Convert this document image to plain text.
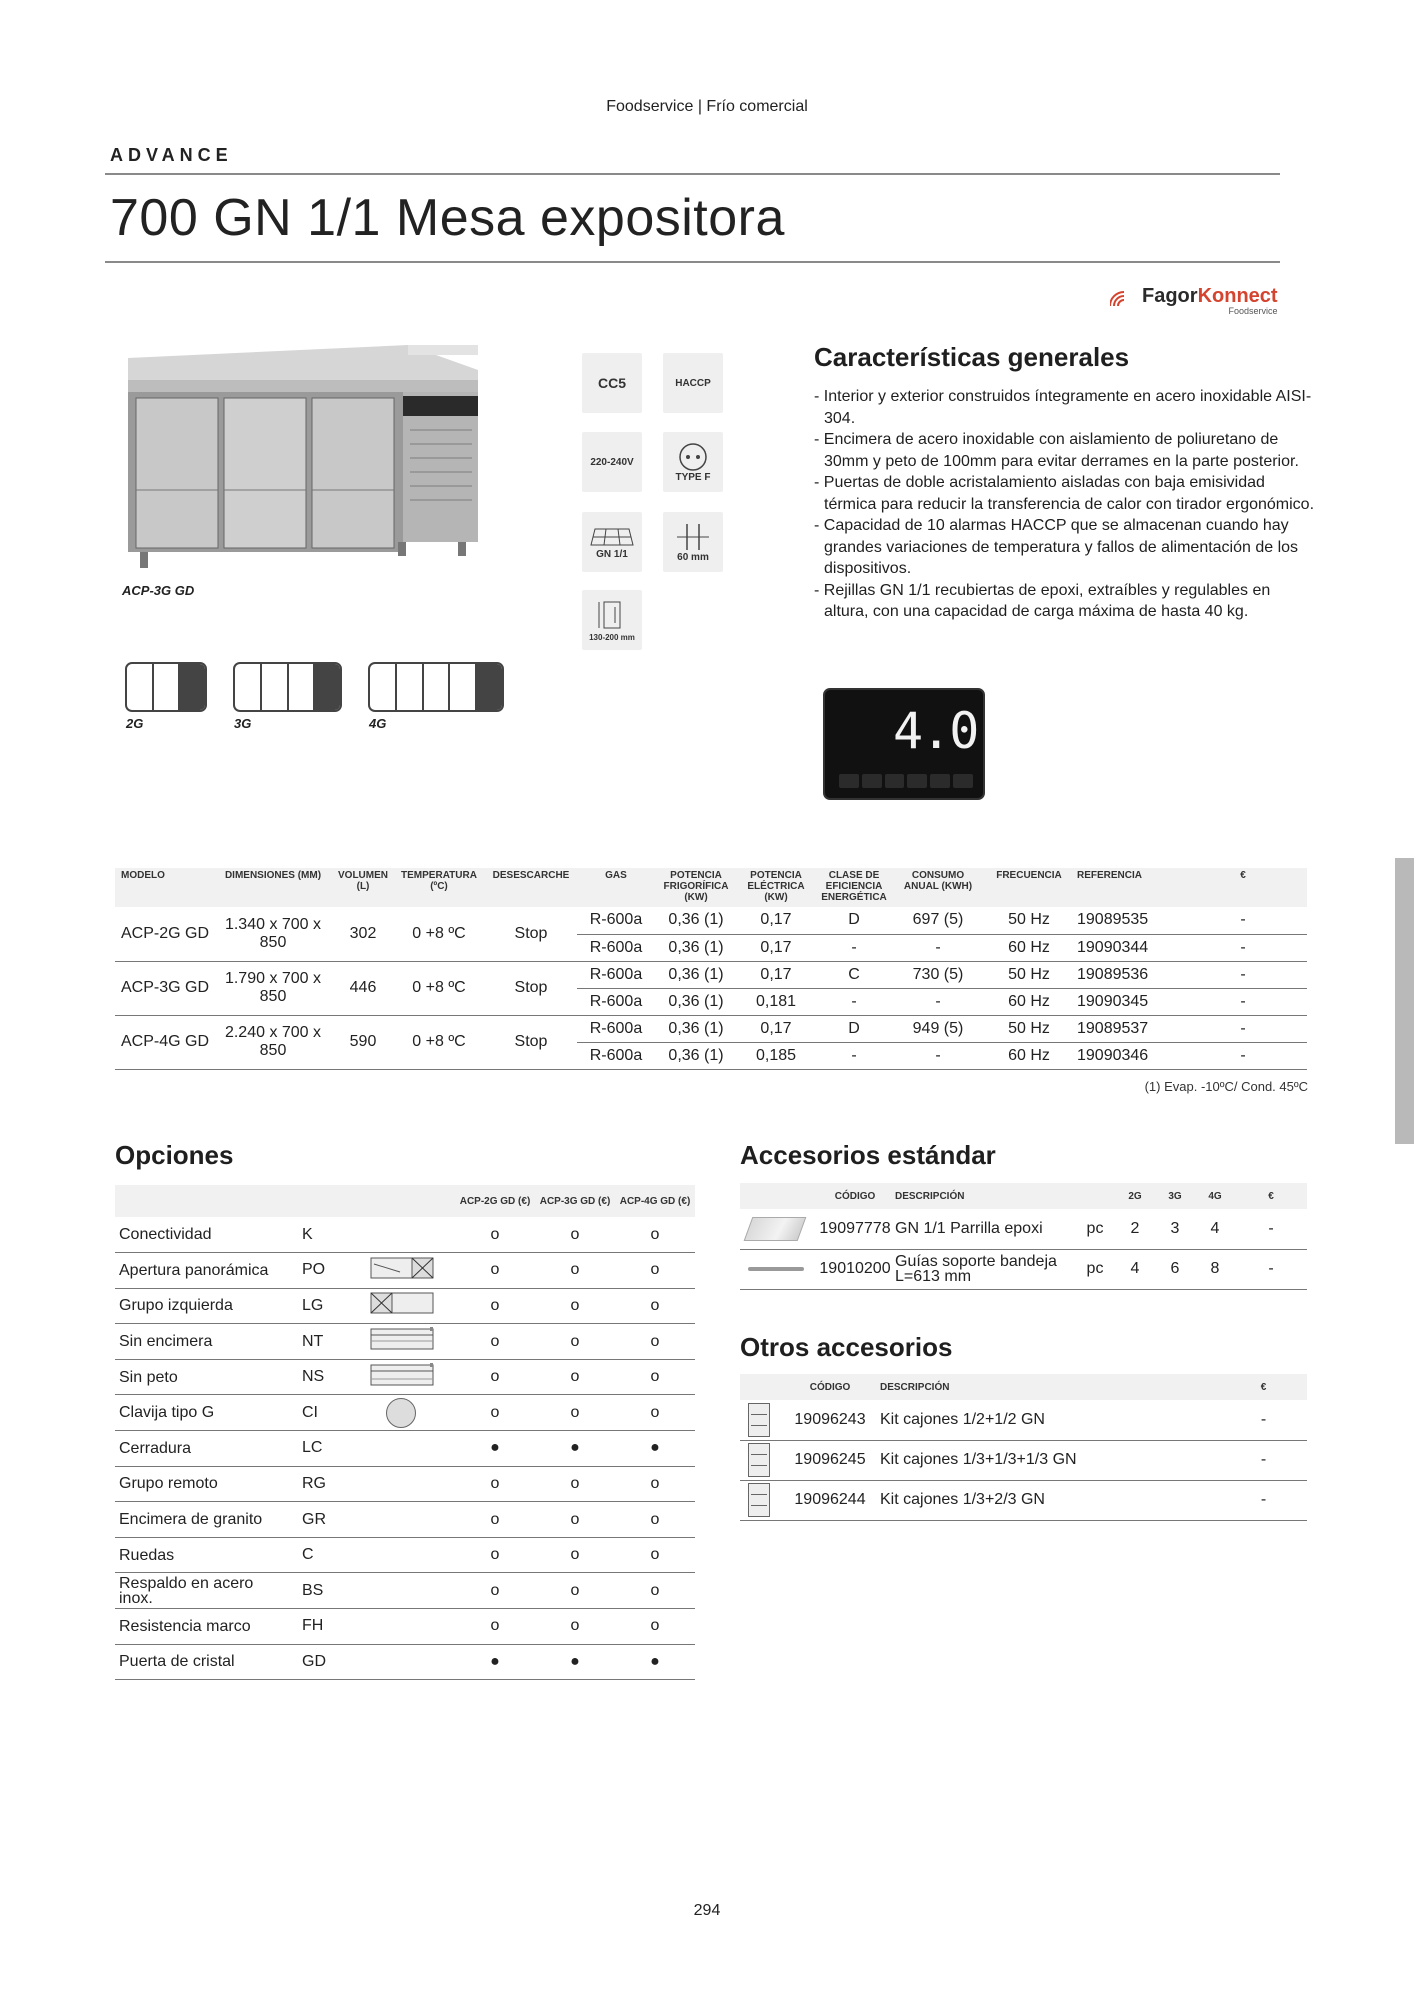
Foodservice | Frío comercial
ADVANCE
700 GN 1/1 Mesa expositora
Fagor Konnect
Foodservice
ACP-3G GD
CC5	HACCP
220-240V
TYPE F
GN 1/1	60 mm
130-200 mm
2G	3G	4G
Características generales
- Interior y exterior construidos íntegramente en acero inoxidable AISI-304.
- Encimera de acero inoxidable con aislamiento de poliuretano de 30mm y peto de 100mm para evitar derrames en la parte posterior.
- Puertas de doble acristalamiento aisladas con baja emisividad térmica para reducir la transferencia de calor con tirador ergonómico.
- Capacidad de 10 alarmas HACCP que se almacenan cuando hay grandes variaciones de temperatura y fallos de alimentación de los dispositivos.
- Rejillas GN 1/1 recubiertas de epoxi, extraíbles y regulables en altura, con una capacidad de carga máxima de hasta 40 kg.
4.0
MODELO	DIMENSIONES (MM)	VOLUMEN (L)	TEMPERATURA (ºC)	DESESCARCHE	GAS	POTENCIA FRIGORÍFICA (KW)	POTENCIA ELÉCTRICA (KW)	CLASE DE EFICIENCIA ENERGÉTICA	CONSUMO ANUAL (KWH)	FRECUENCIA	REFERENCIA	€
ACP-2G GD	1.340 x 700 x 850	302	0 +8 ºC	Stop	R-600a	0,36 (1)	0,17	D	697 (5)	50 Hz	19089535	-
					R-600a	0,36 (1)	0,17	-	-	60 Hz	19090344	-
ACP-3G GD	1.790 x 700 x 850	446	0 +8 ºC	Stop	R-600a	0,36 (1)	0,17	C	730 (5)	50 Hz	19089536	-
					R-600a	0,36 (1)	0,181	-	-	60 Hz	19090345	-
ACP-4G GD	2.240 x 700 x 850	590	0 +8 ºC	Stop	R-600a	0,36 (1)	0,17	D	949 (5)	50 Hz	19089537	-
					R-600a	0,36 (1)	0,185	-	-	60 Hz	19090346	-
(1) Evap. -10ºC/ Cond. 45ºC
Opciones
			ACP-2G GD (€)	ACP-3G GD (€)	ACP-4G GD (€)
Conectividad	K		o	o	o
Apertura panorámica	PO		o	o	o
Grupo izquierda	LG		o	o	o
Sin encimera	NT		o	o	o
Sin peto	NS		o	o	o
Clavija tipo G	CI		o	o	o
Cerradura	LC		●	●	●
Grupo remoto	RG		o	o	o
Encimera de granito	GR		o	o	o
Ruedas	C		o	o	o
Respaldo en acero inox.	BS		o	o	o
Resistencia marco	FH		o	o	o
Puerta de cristal	GD		●	●	●
Accesorios estándar
	CÓDIGO	DESCRIPCIÓN		2G	3G	4G	€

	19097778	GN 1/1 Parrilla epoxi	pc	2	3	4	-

	19010200	Guías soporte bandeja L=613 mm	pc	4	6	8	-
Otros accesorios
	CÓDIGO	DESCRIPCIÓN	€

	19096243	Kit cajones 1/2+1/2 GN	-

	19096245	Kit cajones 1/3+1/3+1/3 GN	-

	19096244	Kit cajones 1/3+2/3 GN	-
294
